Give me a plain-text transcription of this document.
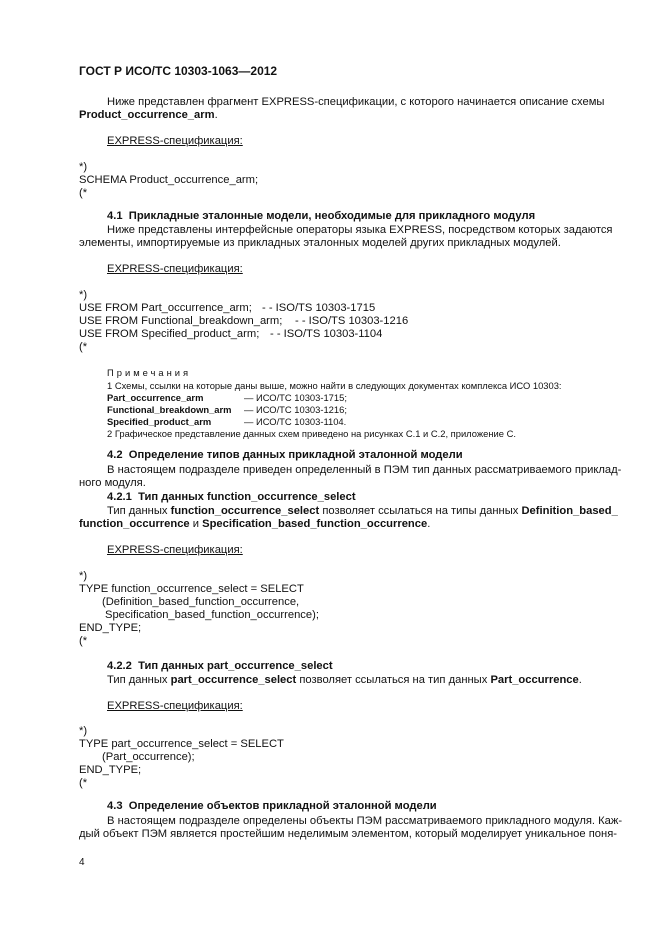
ГОСТ Р ИСО/ТС 10303-1063—2012
Ниже представлен фрагмент EXPRESS-спецификации, с которого начинается описание схемы
Product_occurrence_arm.
EXPRESS-спецификация:
*)
SCHEMA Product_occurrence_arm;
(*
4.1 Прикладные эталонные модели, необходимые для прикладного модуля
Ниже представлены интерфейсные операторы языка EXPRESS, посредством которых задаются
элементы, импортируемые из прикладных эталонных моделей других прикладных модулей.
EXPRESS-спецификация:
*)
USE FROM Part_occurrence_arm; - - ISO/TS 10303-1715
USE FROM Functional_breakdown_arm; - - ISO/TS 10303-1216
USE FROM Specified_product_arm; - - ISO/TS 10303-1104
(*
Примечания
1 Схемы, ссылки на которые даны выше, можно найти в следующих документах комплекса ИСО 10303:
Part_occurrence_arm	— ИСО/ТС 10303-1715;
Functional_breakdown_arm — ИСО/ТС 10303-1216;
Specified_product_arm	— ИСО/ТС 10303-1104.
2 Графическое представление данных схем приведено на рисунках C.1 и C.2, приложение C.
4.2 Определение типов данных прикладной эталонной модели
В настоящем подразделе приведен определенный в ПЭМ тип данных рассматриваемого приклад-
ного модуля.
4.2.1 Тип данных function_occurrence_select
Тип данных function_occurrence_select позволяет ссылаться на типы данных Definition_based_
function_occurrence и Specification_based_function_occurrence.
EXPRESS-спецификация:
*)
TYPE function_occurrence_select = SELECT
(Definition_based_function_occurrence,
Specification_based_function_occurrence);
END_TYPE;
(*
4.2.2 Тип данных part_occurrence_select
Тип данных part_occurrence_select позволяет ссылаться на тип данных Part_occurrence.
EXPRESS-спецификация:
*)
TYPE part_occurrence_select = SELECT
(Part_occurrence);
END_TYPE;
(*
4.3 Определение объектов прикладной эталонной модели
В настоящем подразделе определены объекты ПЭМ рассматриваемого прикладного модуля. Каж-
дый объект ПЭМ является простейшим неделимым элементом, который моделирует уникальное поня-
4
